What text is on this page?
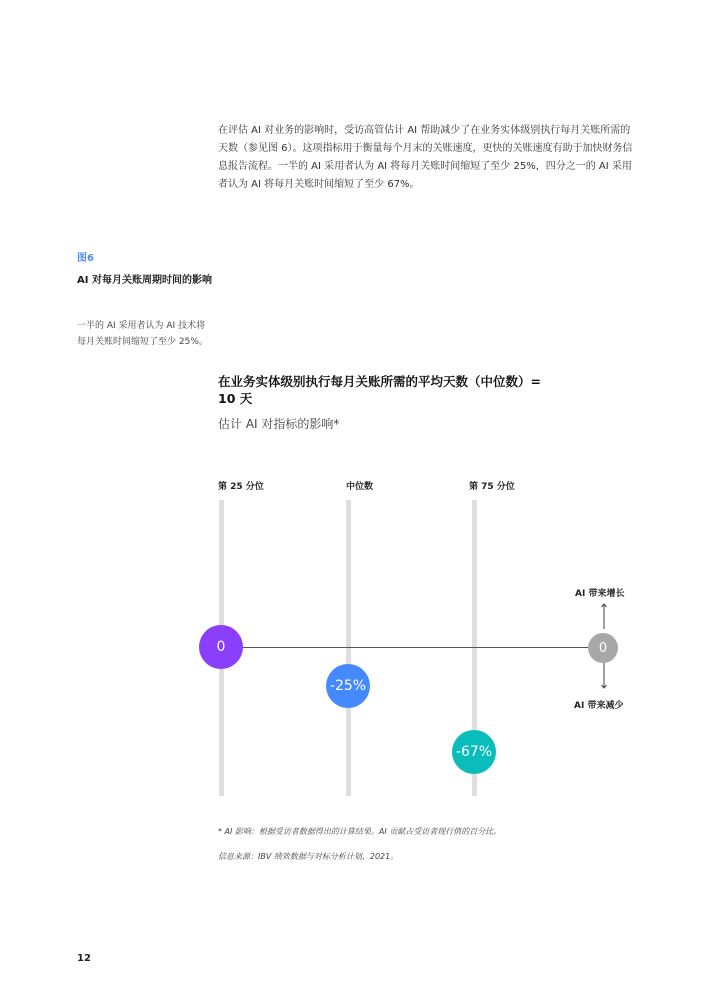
在评估 AI 对业务的影响时，受访高管估计 AI 帮助减少了在业务实体级别执行每月关账所需的天数（参见图 6）。这项指标用于衡量每个月末的关账速度，更快的关账速度有助于加快财务信息报告流程。一半的 AI 采用者认为 AI 将每月关账时间缩短了至少 25%，四分之一的 AI 采用者认为 AI 将每月关账时间缩短了至少 67%。

图6
AI 对每月关账周期时间的影响
一半的 AI 采用者认为 AI 技术将每月关账时间缩短了至少 25%。
在业务实体级别执行每月关账所需的平均天数（中位数）= 10 天
估计 AI 对指标的影响*
第 25 分位	中位数	第 75 分位
0
-25%
-67%
AI 带来增长
0
AI 带来减少
* AI 影响：根据受访者数据得出的计算结果。AI 贡献占受访者现行值的百分比。
信息来源：IBV 绩效数据与对标分析计划，2021。
12
